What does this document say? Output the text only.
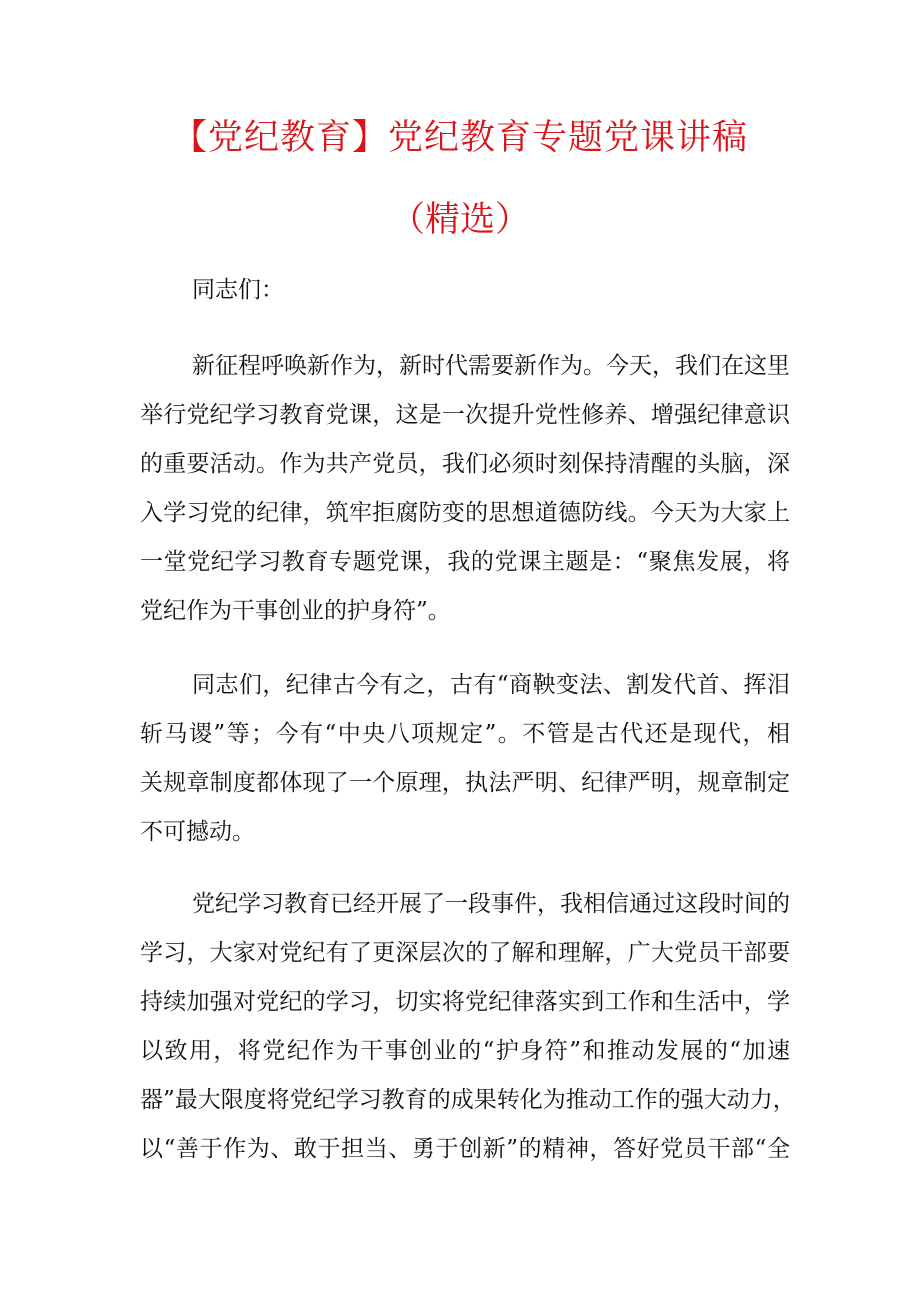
【党纪教育】党纪教育专题党课讲稿
（精选）
同志们：
新征程呼唤新作为，新时代需要新作为。今天，我们在这里
举行党纪学习教育党课，这是一次提升党性修养、增强纪律意识
的重要活动。作为共产党员，我们必须时刻保持清醒的头脑，深
入学习党的纪律，筑牢拒腐防变的思想道德防线。今天为大家上
一堂党纪学习教育专题党课，我的党课主题是：“聚焦发展，将
党纪作为干事创业的护身符”。
同志们，纪律古今有之，古有“商鞅变法、割发代首、挥泪
斩马谡”等；今有“中央八项规定”。不管是古代还是现代，相
关规章制度都体现了一个原理，执法严明、纪律严明，规章制定
不可撼动。
党纪学习教育已经开展了一段事件，我相信通过这段时间的
学习，大家对党纪有了更深层次的了解和理解，广大党员干部要
持续加强对党纪的学习，切实将党纪律落实到工作和生活中，学
以致用，将党纪作为干事创业的“护身符”和推动发展的“加速
器”最大限度将党纪学习教育的成果转化为推动工作的强大动力，
以“善于作为、敢于担当、勇于创新”的精神，答好党员干部“全
